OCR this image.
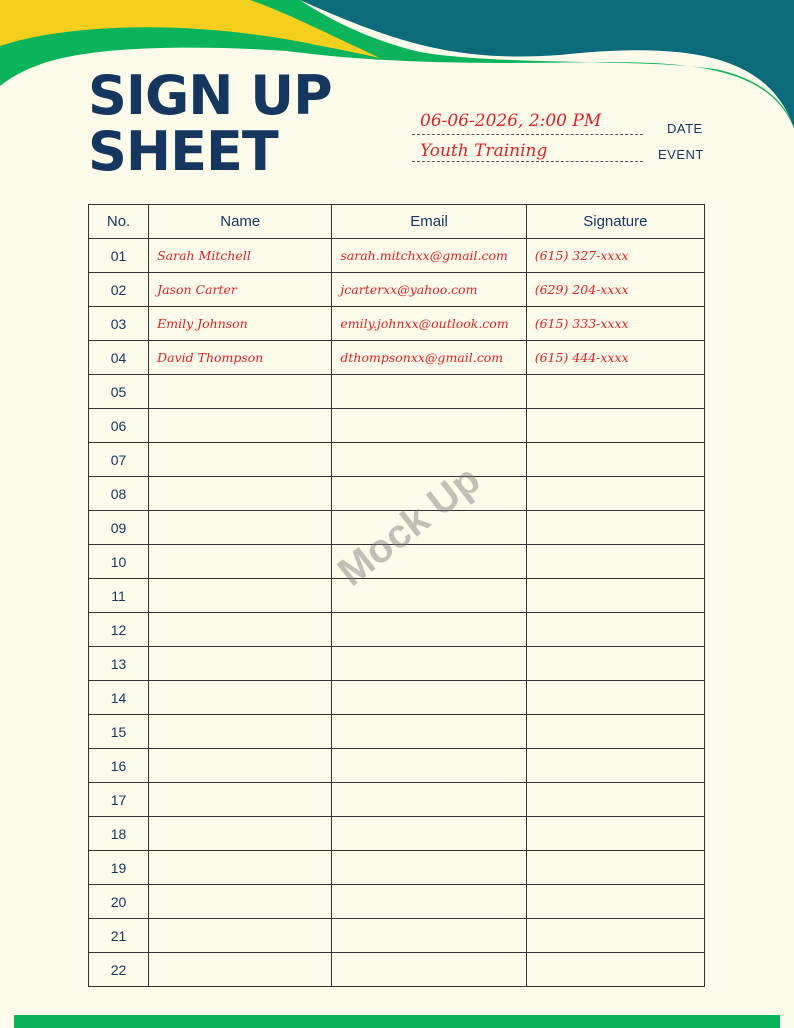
SIGN UP
SHEET	06-06-2026, 2:00 PM	DATE
Youth Training	EVENT
No.	Name	Email	Signature
01	Sarah Mitchell	sarah.mitchxx@gmail.com	(615) 327-xxxx
02	Jason Carter	jcarterxx@yahoo.com	(629) 204-xxxx
03	Emily Johnson	emily.johnxx@outlook.com	(615) 333-xxxx
04	David Thompson	dthompsonxx@gmail.com	(615) 444-xxxx
05			
06			
07			
08			
09			
10			
11			
12			
13			
14			
15			
16			
17			
18			
19			
20			
21			
22			
Mock Up
